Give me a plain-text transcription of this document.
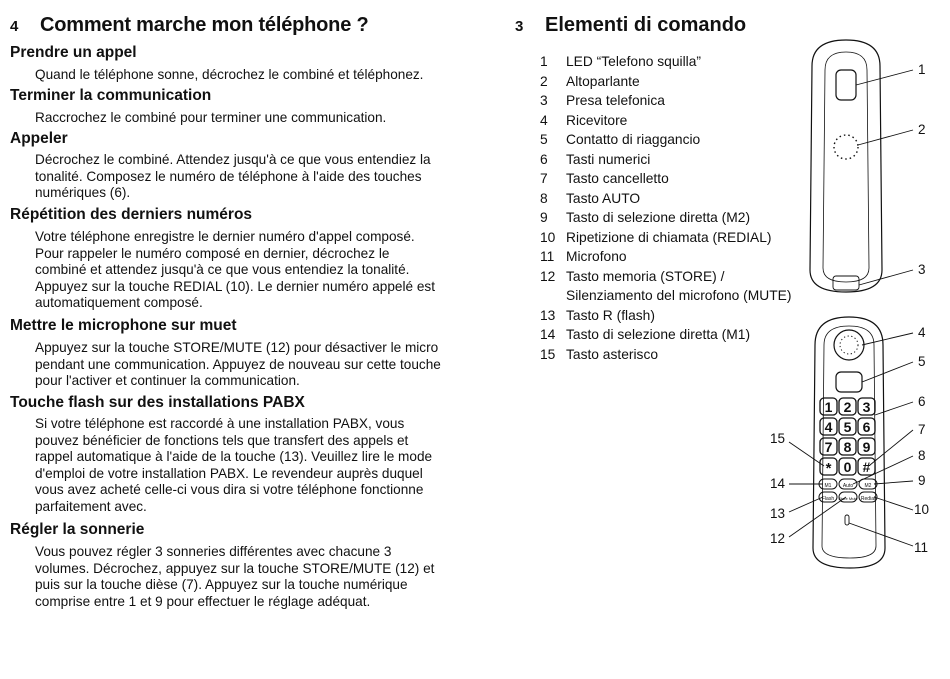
4 Comment marche mon téléphone ?
Prendre un appel

Quand le téléphone sonne, décrochez le combiné et téléphonez.

Terminer la communication

Raccrochez le combiné pour terminer une communication.

Appeler

Décrochez le combiné. Attendez jusqu'à ce que vous entendiez la tonalité. Composez le numéro de téléphone à l'aide des touches numériques (6).

Répétition des derniers numéros

Votre téléphone enregistre le dernier numéro d'appel composé. Pour rappeler le numéro composé en dernier, décrochez le combiné et attendez jusqu'à ce que vous entendiez la tonalité. Appuyez sur la touche REDIAL (10). Le dernier numéro appelé est automatiquement composé.

Mettre le microphone sur muet

Appuyez sur la touche STORE/MUTE (12) pour désactiver le micro pendant une communication. Appuyez de nouveau sur cette touche pour l'activer et continuer la communication.

Touche flash sur des installations PABX

Si votre téléphone est raccordé à une installation PABX, vous pouvez bénéficier de fonctions tels que transfert des appels et rappel automatique à l'aide de la touche (13). Veuillez lire le mode d'emploi de votre installation PABX. Le revendeur auprès duquel vous avez acheté celle-ci vous dira si votre téléphone fonctionne parfaitement avec.

Régler la sonnerie

Vous pouvez régler 3 sonneries différentes avec chacune 3 volumes. Décrochez, appuyez sur la touche STORE/MUTE (12) et puis sur la touche dièse (7). Appuyez sur la touche numérique comprise entre 1 et 9 pour effectuer le réglage adéquat.

3 Elementi di comando
1	LED “Telefono squilla”
2	Altoparlante
3	Presa telefonica
4	Ricevitore
5	Contatto di riaggancio
6	Tasti numerici
7	Tasto cancelletto
8	Tasto AUTO
9	Tasto di selezione diretta (M2)
10 Ripetizione di chiamata (REDIAL)
11 Microfono
12 Tasto memoria (STORE) / Silenziamento del microfono (MUTE)
13 Tasto R (flash)
14 Tasto di selezione diretta (M1)
15 Tasto asterisco
1 2 3
4 5 6
7 8 9
* 0 #
M1 Auto M2
Flash Store Mute Redial
1
2
3
4
5
6
7
8
9
10
11
12
13
14
15
